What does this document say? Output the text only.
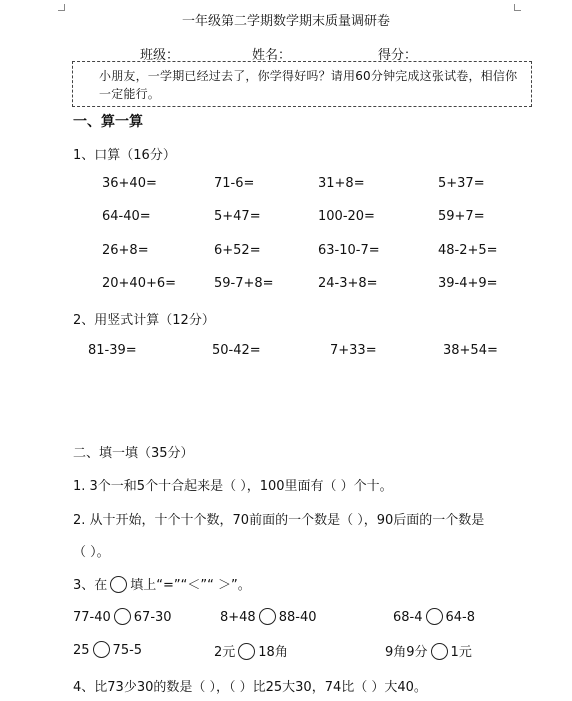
一年级第二学期数学期末质量调研卷
班级：	姓名：	得分：
小朋友，一学期已经过去了，你学得好吗？请用60分钟完成这张试卷，相信你一定能行。
一、算一算
1、口算（16分）
36+40=	71-6=	31+8=	5+37=
64-40=	5+47=	100-20=	59+7=
26+8=	6+52=	63-10-7=	48-2+5=
20+40+6=	59-7+8=	24-3+8=	39-4+9=
2、用竖式计算（12分）
81-39=	50-42=	7+33=	38+54=
二、填一填（35分）
1. 3个一和5个十合起来是（ ），100里面有（ ）个十。
2. 从十开始，十个十个数，70前面的一个数是（ ），90后面的一个数是
（ ）。
3、在 填上“=”“＜”“ ＞”。
77-40 67-30	8+48 88-40	68-4 64-8
25 75-5	2元 18角	9角9分 1元
4、比73少30的数是（ ），（ ）比25大30，74比（ ）大40。
